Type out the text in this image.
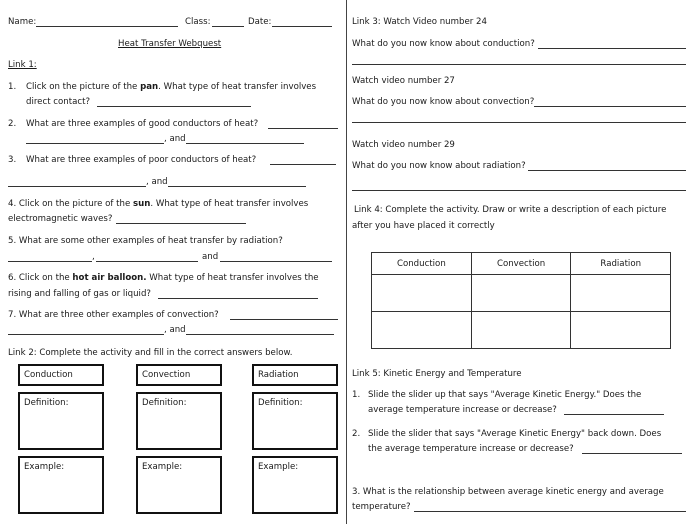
Name:	Class:	Date:
Heat Transfer Webquest
Link 1:
1. Click on the picture of the pan. What type of heat transfer involves
direct contact?
2. What are three examples of good conductors of heat?
, and
3. What are three examples of poor conductors of heat?
, and
4. Click on the picture of the sun. What type of heat transfer involves
electromagnetic waves?
5. What are some other examples of heat transfer by radiation?
,	and
6. Click on the hot air balloon. What type of heat transfer involves the
rising and falling of gas or liquid?
7. What are three other examples of convection?
, and
Link 2: Complete the activity and fill in the correct answers below.
Conduction
Definition:
Example:
Convection
Definition:
Example:
Radiation
Definition:
Example:
Link 3: Watch Video number 24
What do you now know about conduction?
Watch video number 27
What do you now know about convection?
Watch video number 29
What do you now know about radiation?
Link 4: Complete the activity. Draw or write a description of each picture
after you have placed it correctly
Conduction	Convection	Radiation

Link 5: Kinetic Energy and Temperature
1. Slide the slider up that says "Average Kinetic Energy." Does the
average temperature increase or decrease?
2. Slide the slider that says "Average Kinetic Energy" back down. Does
the average temperature increase or decrease?
3. What is the relationship between average kinetic energy and average
temperature?
